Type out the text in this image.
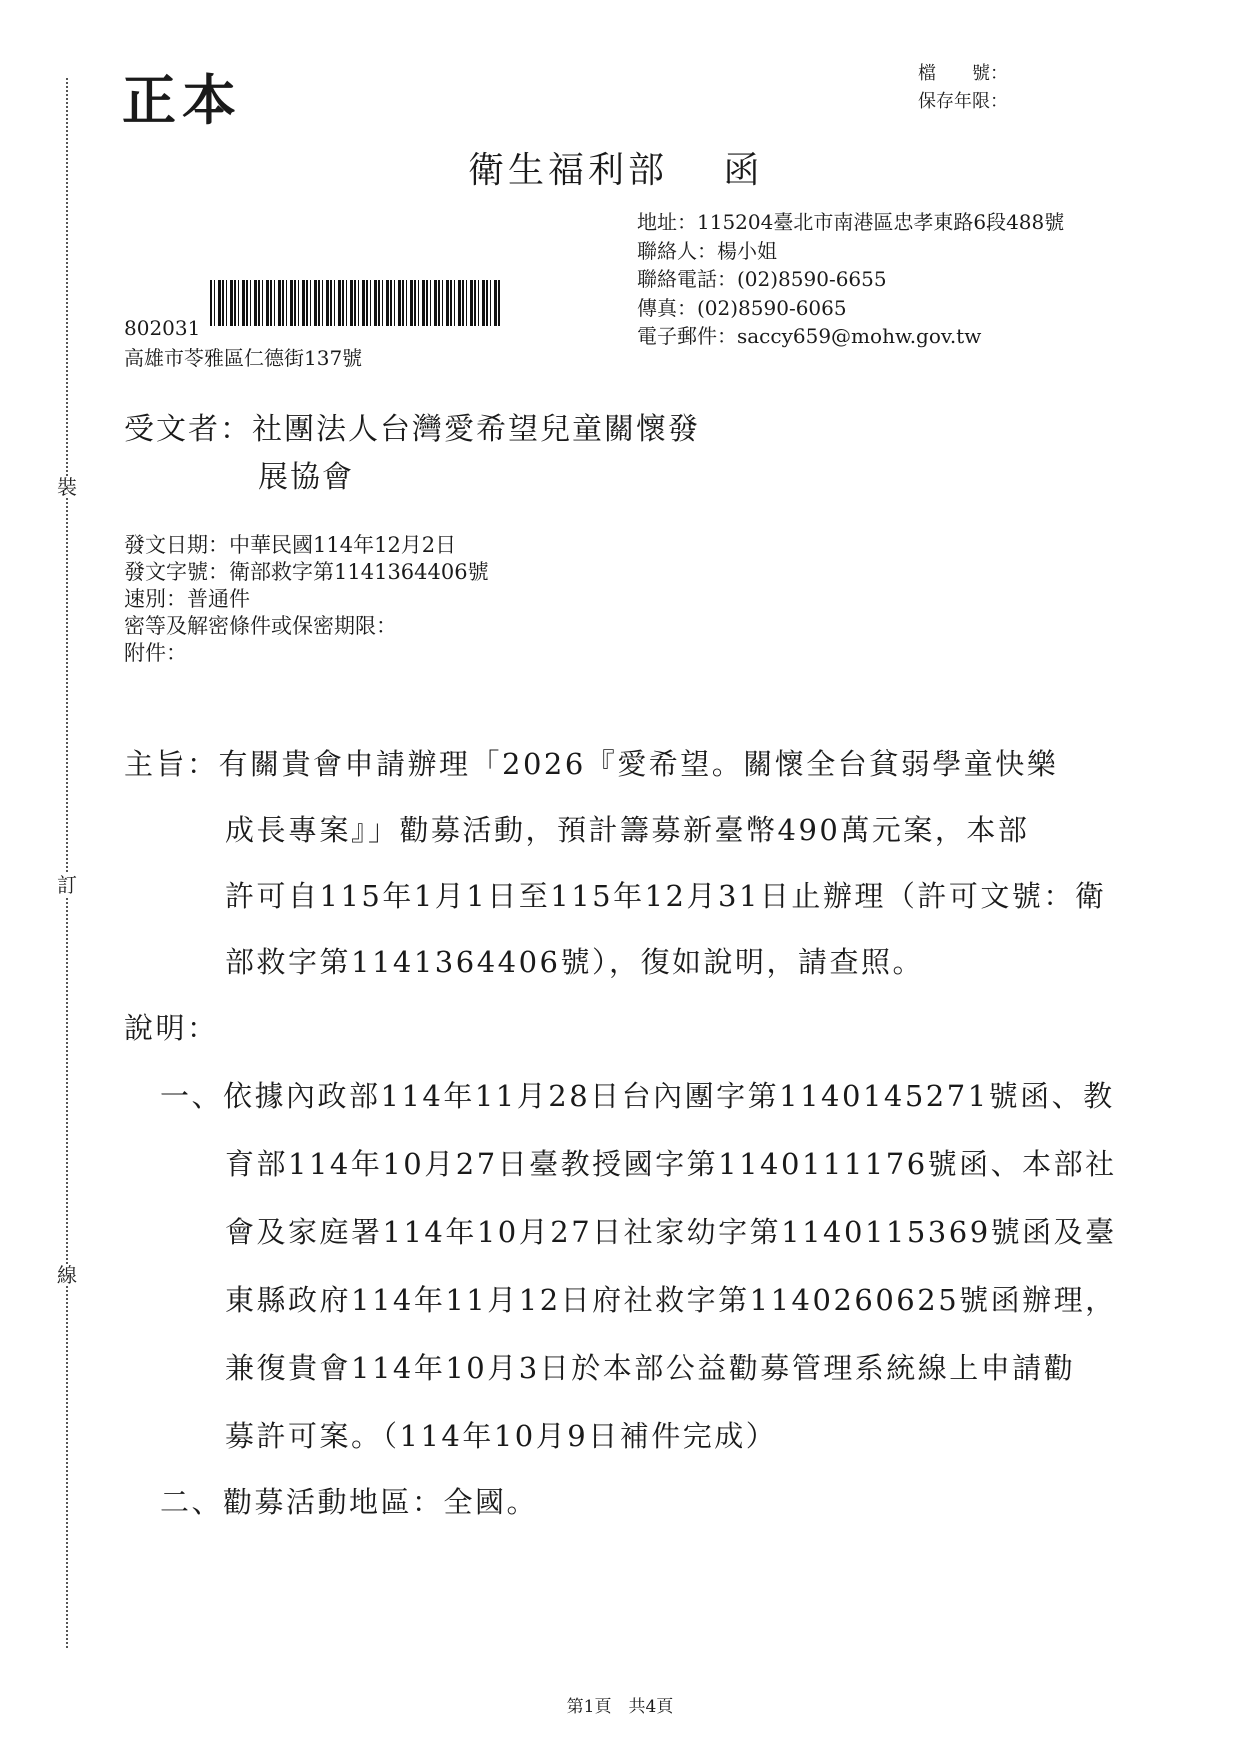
裝
訂
線
正本	檔　　號：
保存年限：
衛生福利部　 函
地址：115204臺北市南港區忠孝東路6段488號
聯絡人：楊小姐
聯絡電話：(02)8590-6655
傳真：(02)8590-6065
電子郵件：saccy659@mohw.gov.tw
802031
高雄市苓雅區仁德街137號
受文者：社團法人台灣愛希望兒童關懷發
展協會
發文日期：中華民國114年12月2日
發文字號：衛部救字第1141364406號
速別：普通件
密等及解密條件或保密期限：
附件：
主旨：有關貴會申請辦理「2026『愛希望。關懷全台貧弱學童快樂
成長專案』」勸募活動，預計籌募新臺幣490萬元案，本部
許可自115年1月1日至115年12月31日止辦理（許可文號：衛
部救字第1141364406號），復如說明，請查照。
說明：
一、依據內政部114年11月28日台內團字第1140145271號函、教
育部114年10月27日臺教授國字第1140111176號函、本部社
會及家庭署114年10月27日社家幼字第1140115369號函及臺
東縣政府114年11月12日府社救字第1140260625號函辦理，
兼復貴會114年10月3日於本部公益勸募管理系統線上申請勸
募許可案。（114年10月9日補件完成）
二、勸募活動地區：全國。
第1頁　共4頁
